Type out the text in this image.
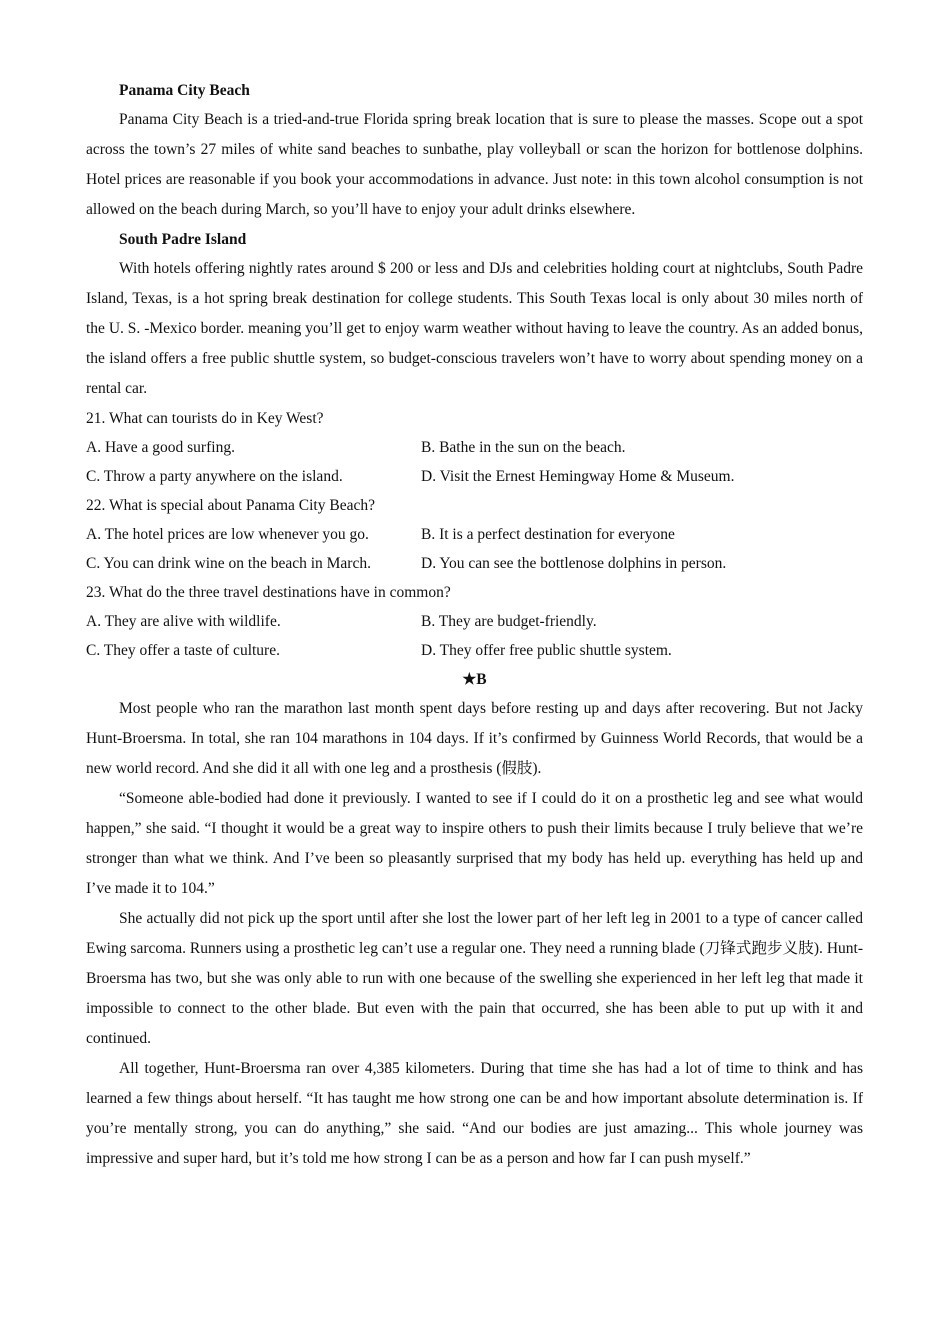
Panama City Beach

Panama City Beach is a tried-and-true Florida spring break location that is sure to please the masses. Scope out a spot across the town’s 27 miles of white sand beaches to sunbathe, play volleyball or scan the horizon for bottlenose dolphins. Hotel prices are reasonable if you book your accommodations in advance. Just note: in this town alcohol consumption is not allowed on the beach during March, so you’ll have to enjoy your adult drinks elsewhere.

South Padre Island

With hotels offering nightly rates around $ 200 or less and DJs and celebrities holding court at nightclubs, South Padre Island, Texas, is a hot spring break destination for college students. This South Texas local is only about 30 miles north of the U. S. -Mexico border. meaning you’ll get to enjoy warm weather without having to leave the country. As an added bonus, the island offers a free public shuttle system, so budget-conscious travelers won’t have to worry about spending money on a rental car.

21. What can tourists do in Key West?

A. Have a good surfing.	B. Bathe in the sun on the beach.
C. Throw a party anywhere on the island.	D. Visit the Ernest Hemingway Home & Museum.

22. What is special about Panama City Beach?

A. The hotel prices are low whenever you go.	B. It is a perfect destination for everyone
C. You can drink wine on the beach in March.	D. You can see the bottlenose dolphins in person.

23. What do the three travel destinations have in common?

A. They are alive with wildlife.	B. They are budget-friendly.
C. They offer a taste of culture.	D. They offer free public shuttle system.

★B

Most people who ran the marathon last month spent days before resting up and days after recovering. But not Jacky Hunt-Broersma. In total, she ran 104 marathons in 104 days. If it’s confirmed by Guinness World Records, that would be a new world record. And she did it all with one leg and a prosthesis (假肢).

“Someone able-bodied had done it previously. I wanted to see if I could do it on a prosthetic leg and see what would happen,” she said. “I thought it would be a great way to inspire others to push their limits because I truly believe that we’re stronger than what we think. And I’ve been so pleasantly surprised that my body has held up. everything has held up and I’ve made it to 104.”

She actually did not pick up the sport until after she lost the lower part of her left leg in 2001 to a type of cancer called Ewing sarcoma. Runners using a prosthetic leg can’t use a regular one. They need a running blade (刀锋式跑步义肢). Hunt-Broersma has two, but she was only able to run with one because of the swelling she experienced in her left leg that made it impossible to connect to the other blade. But even with the pain that occurred, she has been able to put up with it and continued.

All together, Hunt-Broersma ran over 4,385 kilometers. During that time she has had a lot of time to think and has learned a few things about herself. “It has taught me how strong one can be and how important absolute determination is. If you’re mentally strong, you can do anything,” she said. “And our bodies are just amazing... This whole journey was impressive and super hard, but it’s told me how strong I can be as a person and how far I can push myself.”
